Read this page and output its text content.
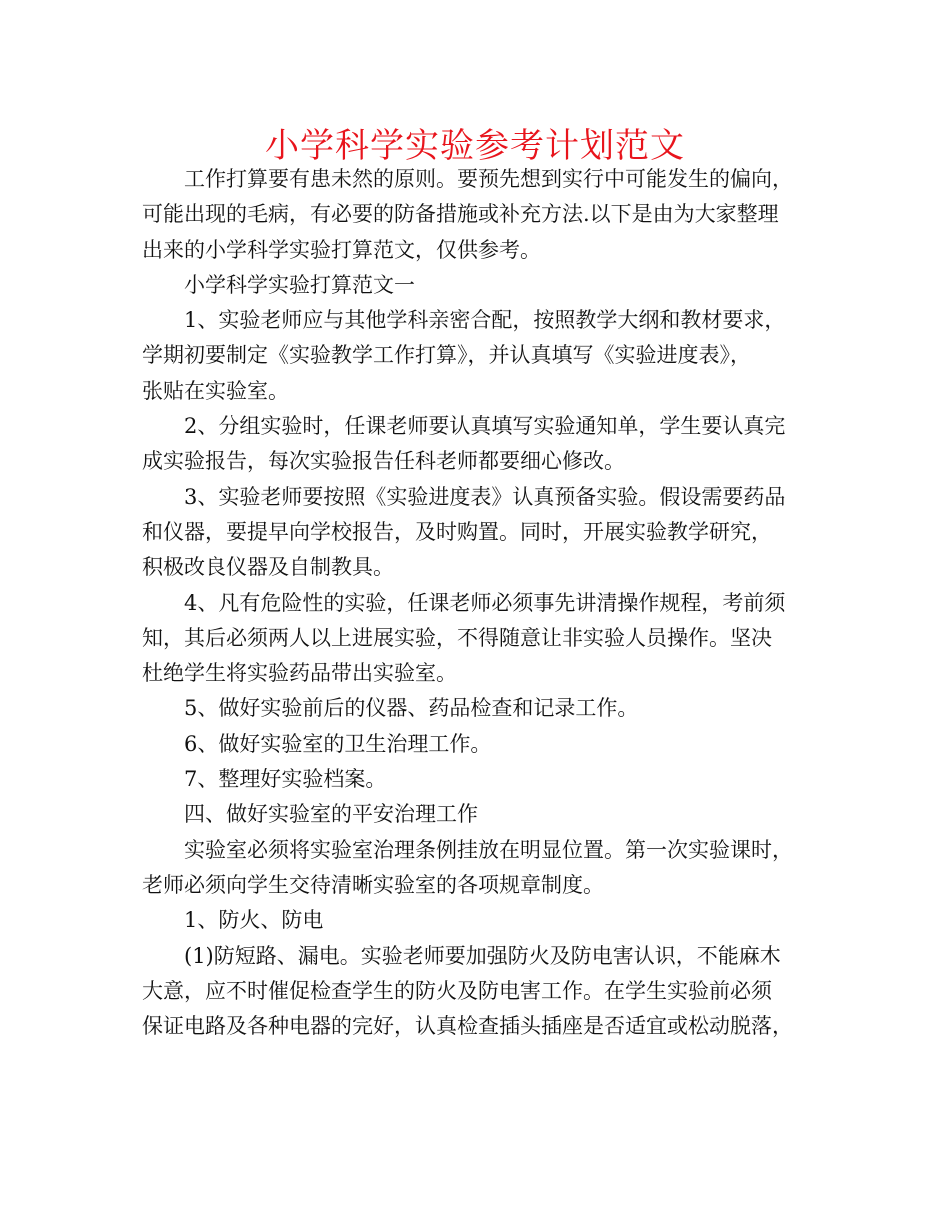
小学科学实验参考计划范文
工作打算要有患未然的原则。要预先想到实行中可能发生的偏向，
可能出现的毛病，有必要的防备措施或补充方法.以下是由为大家整理
出来的小学科学实验打算范文，仅供参考。
小学科学实验打算范文一
1、实验老师应与其他学科亲密合配，按照教学大纲和教材要求，
学期初要制定《实验教学工作打算》，并认真填写《实验进度表》，
张贴在实验室。
2、分组实验时，任课老师要认真填写实验通知单，学生要认真完
成实验报告，每次实验报告任科老师都要细心修改。
3、实验老师要按照《实验进度表》认真预备实验。假设需要药品
和仪器，要提早向学校报告，及时购置。同时，开展实验教学研究，
积极改良仪器及自制教具。
4、凡有危险性的实验，任课老师必须事先讲清操作规程，考前须
知，其后必须两人以上进展实验，不得随意让非实验人员操作。坚决
杜绝学生将实验药品带出实验室。
5、做好实验前后的仪器、药品检查和记录工作。
6、做好实验室的卫生治理工作。
7、整理好实验档案。
四、做好实验室的平安治理工作
实验室必须将实验室治理条例挂放在明显位置。第一次实验课时，
老师必须向学生交待清晰实验室的各项规章制度。
1、防火、防电
(1)防短路、漏电。实验老师要加强防火及防电害认识，不能麻木
大意，应不时催促检查学生的防火及防电害工作。在学生实验前必须
保证电路及各种电器的完好，认真检查插头插座是否适宜或松动脱落，
